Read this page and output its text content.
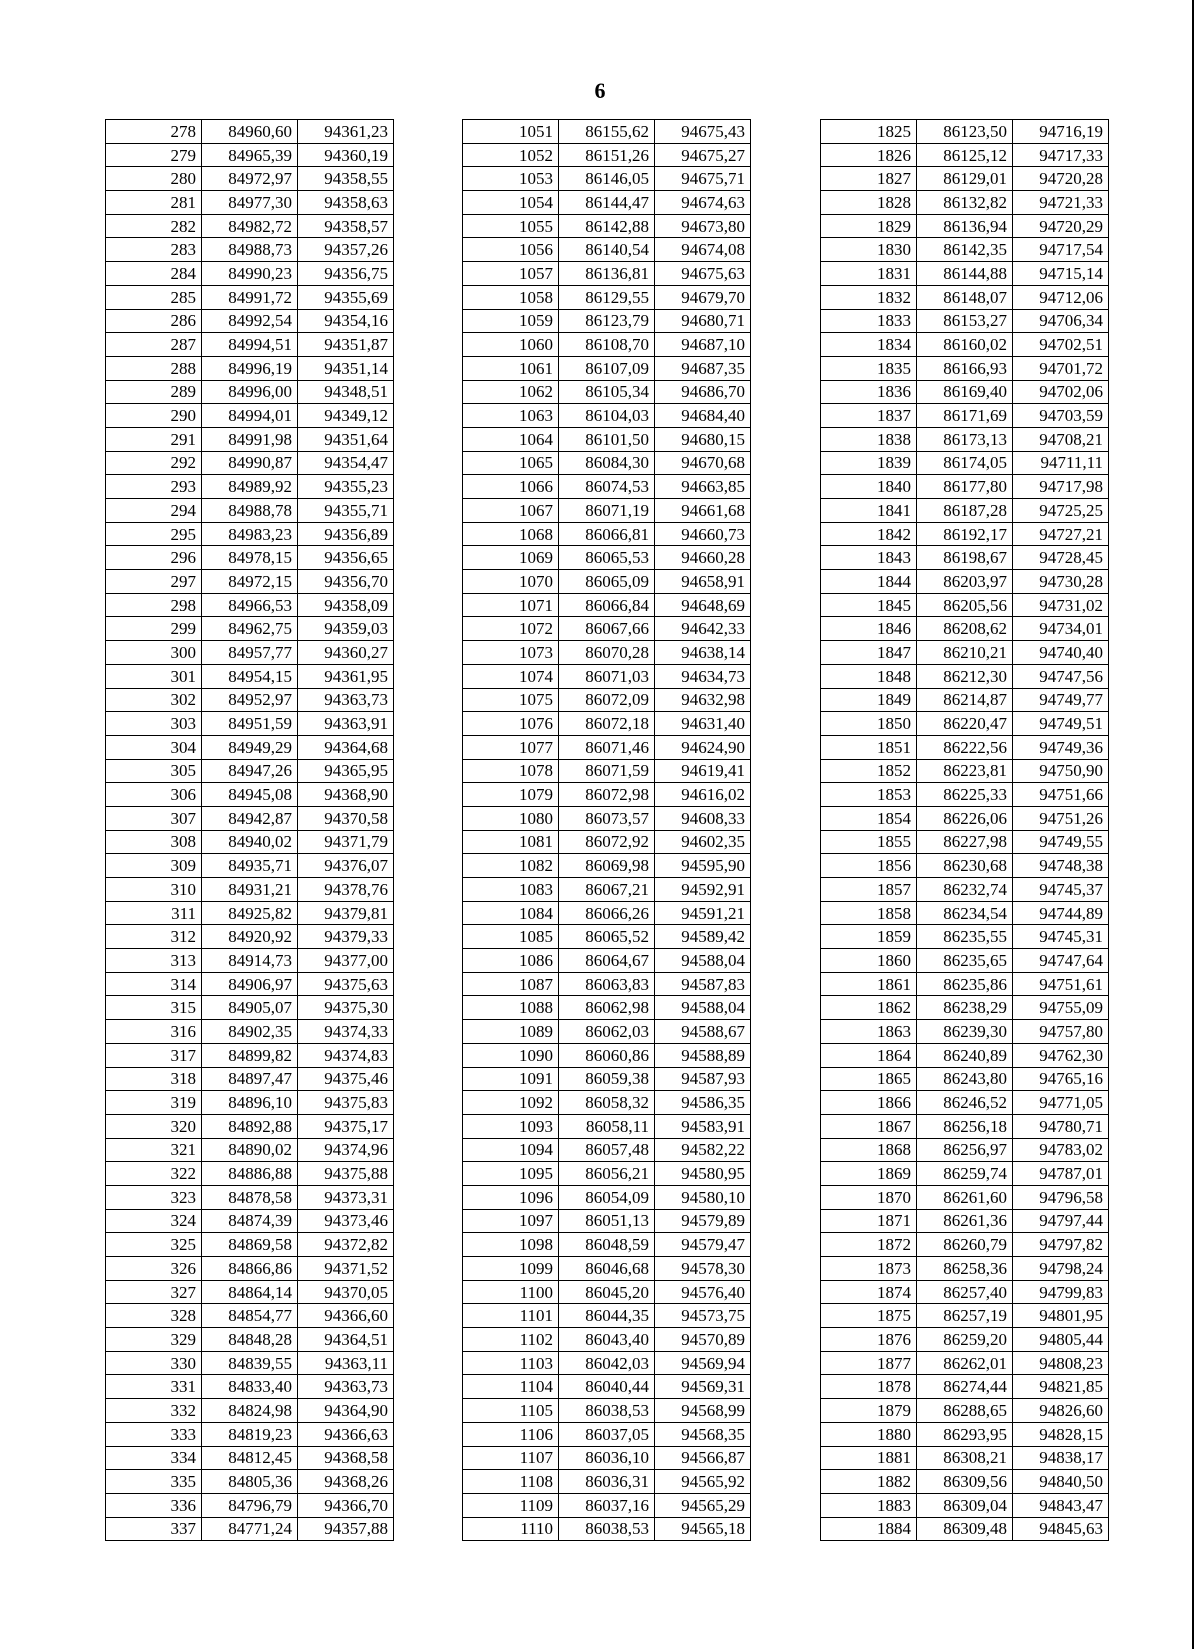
6
278	84960,60	94361,23
279	84965,39	94360,19
280	84972,97	94358,55
281	84977,30	94358,63
282	84982,72	94358,57
283	84988,73	94357,26
284	84990,23	94356,75
285	84991,72	94355,69
286	84992,54	94354,16
287	84994,51	94351,87
288	84996,19	94351,14
289	84996,00	94348,51
290	84994,01	94349,12
291	84991,98	94351,64
292	84990,87	94354,47
293	84989,92	94355,23
294	84988,78	94355,71
295	84983,23	94356,89
296	84978,15	94356,65
297	84972,15	94356,70
298	84966,53	94358,09
299	84962,75	94359,03
300	84957,77	94360,27
301	84954,15	94361,95
302	84952,97	94363,73
303	84951,59	94363,91
304	84949,29	94364,68
305	84947,26	94365,95
306	84945,08	94368,90
307	84942,87	94370,58
308	84940,02	94371,79
309	84935,71	94376,07
310	84931,21	94378,76
311	84925,82	94379,81
312	84920,92	94379,33
313	84914,73	94377,00
314	84906,97	94375,63
315	84905,07	94375,30
316	84902,35	94374,33
317	84899,82	94374,83
318	84897,47	94375,46
319	84896,10	94375,83
320	84892,88	94375,17
321	84890,02	94374,96
322	84886,88	94375,88
323	84878,58	94373,31
324	84874,39	94373,46
325	84869,58	94372,82
326	84866,86	94371,52
327	84864,14	94370,05
328	84854,77	94366,60
329	84848,28	94364,51
330	84839,55	94363,11
331	84833,40	94363,73
332	84824,98	94364,90
333	84819,23	94366,63
334	84812,45	94368,58
335	84805,36	94368,26
336	84796,79	94366,70
337	84771,24	94357,88
1051	86155,62	94675,43
1052	86151,26	94675,27
1053	86146,05	94675,71
1054	86144,47	94674,63
1055	86142,88	94673,80
1056	86140,54	94674,08
1057	86136,81	94675,63
1058	86129,55	94679,70
1059	86123,79	94680,71
1060	86108,70	94687,10
1061	86107,09	94687,35
1062	86105,34	94686,70
1063	86104,03	94684,40
1064	86101,50	94680,15
1065	86084,30	94670,68
1066	86074,53	94663,85
1067	86071,19	94661,68
1068	86066,81	94660,73
1069	86065,53	94660,28
1070	86065,09	94658,91
1071	86066,84	94648,69
1072	86067,66	94642,33
1073	86070,28	94638,14
1074	86071,03	94634,73
1075	86072,09	94632,98
1076	86072,18	94631,40
1077	86071,46	94624,90
1078	86071,59	94619,41
1079	86072,98	94616,02
1080	86073,57	94608,33
1081	86072,92	94602,35
1082	86069,98	94595,90
1083	86067,21	94592,91
1084	86066,26	94591,21
1085	86065,52	94589,42
1086	86064,67	94588,04
1087	86063,83	94587,83
1088	86062,98	94588,04
1089	86062,03	94588,67
1090	86060,86	94588,89
1091	86059,38	94587,93
1092	86058,32	94586,35
1093	86058,11	94583,91
1094	86057,48	94582,22
1095	86056,21	94580,95
1096	86054,09	94580,10
1097	86051,13	94579,89
1098	86048,59	94579,47
1099	86046,68	94578,30
1100	86045,20	94576,40
1101	86044,35	94573,75
1102	86043,40	94570,89
1103	86042,03	94569,94
1104	86040,44	94569,31
1105	86038,53	94568,99
1106	86037,05	94568,35
1107	86036,10	94566,87
1108	86036,31	94565,92
1109	86037,16	94565,29
1110	86038,53	94565,18
1825	86123,50	94716,19
1826	86125,12	94717,33
1827	86129,01	94720,28
1828	86132,82	94721,33
1829	86136,94	94720,29
1830	86142,35	94717,54
1831	86144,88	94715,14
1832	86148,07	94712,06
1833	86153,27	94706,34
1834	86160,02	94702,51
1835	86166,93	94701,72
1836	86169,40	94702,06
1837	86171,69	94703,59
1838	86173,13	94708,21
1839	86174,05	94711,11
1840	86177,80	94717,98
1841	86187,28	94725,25
1842	86192,17	94727,21
1843	86198,67	94728,45
1844	86203,97	94730,28
1845	86205,56	94731,02
1846	86208,62	94734,01
1847	86210,21	94740,40
1848	86212,30	94747,56
1849	86214,87	94749,77
1850	86220,47	94749,51
1851	86222,56	94749,36
1852	86223,81	94750,90
1853	86225,33	94751,66
1854	86226,06	94751,26
1855	86227,98	94749,55
1856	86230,68	94748,38
1857	86232,74	94745,37
1858	86234,54	94744,89
1859	86235,55	94745,31
1860	86235,65	94747,64
1861	86235,86	94751,61
1862	86238,29	94755,09
1863	86239,30	94757,80
1864	86240,89	94762,30
1865	86243,80	94765,16
1866	86246,52	94771,05
1867	86256,18	94780,71
1868	86256,97	94783,02
1869	86259,74	94787,01
1870	86261,60	94796,58
1871	86261,36	94797,44
1872	86260,79	94797,82
1873	86258,36	94798,24
1874	86257,40	94799,83
1875	86257,19	94801,95
1876	86259,20	94805,44
1877	86262,01	94808,23
1878	86274,44	94821,85
1879	86288,65	94826,60
1880	86293,95	94828,15
1881	86308,21	94838,17
1882	86309,56	94840,50
1883	86309,04	94843,47
1884	86309,48	94845,63
